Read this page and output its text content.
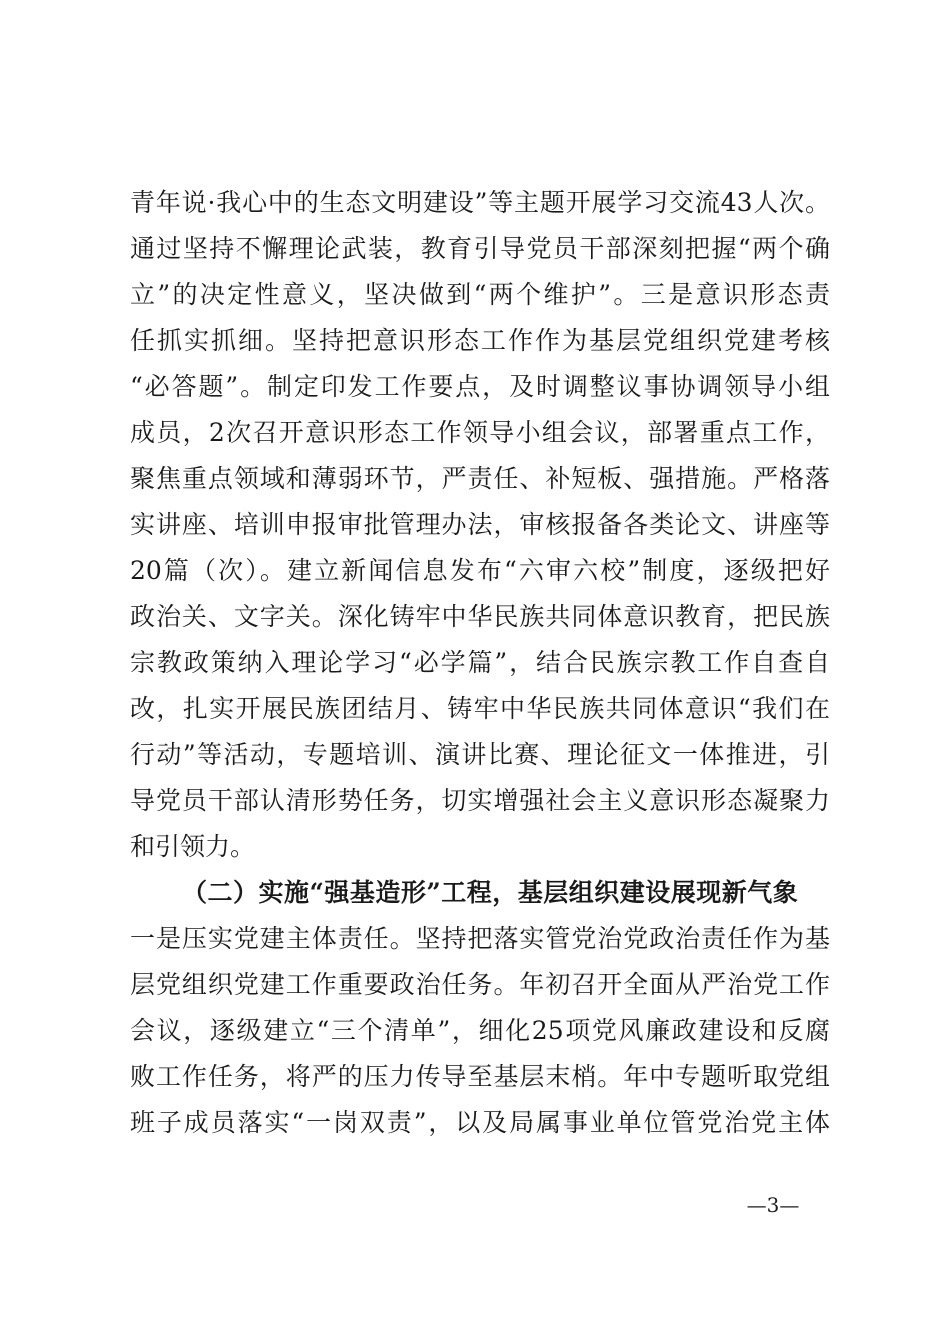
青年说·我心中的生态文明建设”等主题开展学习交流43人次。
通过坚持不懈理论武装，教育引导党员干部深刻把握“两个确
立”的决定性意义，坚决做到“两个维护”。三是意识形态责
任抓实抓细。坚持把意识形态工作作为基层党组织党建考核
“必答题”。制定印发工作要点，及时调整议事协调领导小组
成员，2次召开意识形态工作领导小组会议，部署重点工作，
聚焦重点领域和薄弱环节，严责任、补短板、强措施。严格落
实讲座、培训申报审批管理办法，审核报备各类论文、讲座等
20篇（次）。建立新闻信息发布“六审六校”制度，逐级把好
政治关、文字关。深化铸牢中华民族共同体意识教育，把民族
宗教政策纳入理论学习“必学篇”，结合民族宗教工作自查自
改，扎实开展民族团结月、铸牢中华民族共同体意识“我们在
行动”等活动，专题培训、演讲比赛、理论征文一体推进，引
导党员干部认清形势任务，切实增强社会主义意识形态凝聚力
和引领力。
（二）实施“强基造形”工程，基层组织建设展现新气象
一是压实党建主体责任。坚持把落实管党治党政治责任作为基
层党组织党建工作重要政治任务。年初召开全面从严治党工作
会议，逐级建立“三个清单”，细化25项党风廉政建设和反腐
败工作任务，将严的压力传导至基层末梢。年中专题听取党组
班子成员落实“一岗双责”，以及局属事业单位管党治党主体
—3—
